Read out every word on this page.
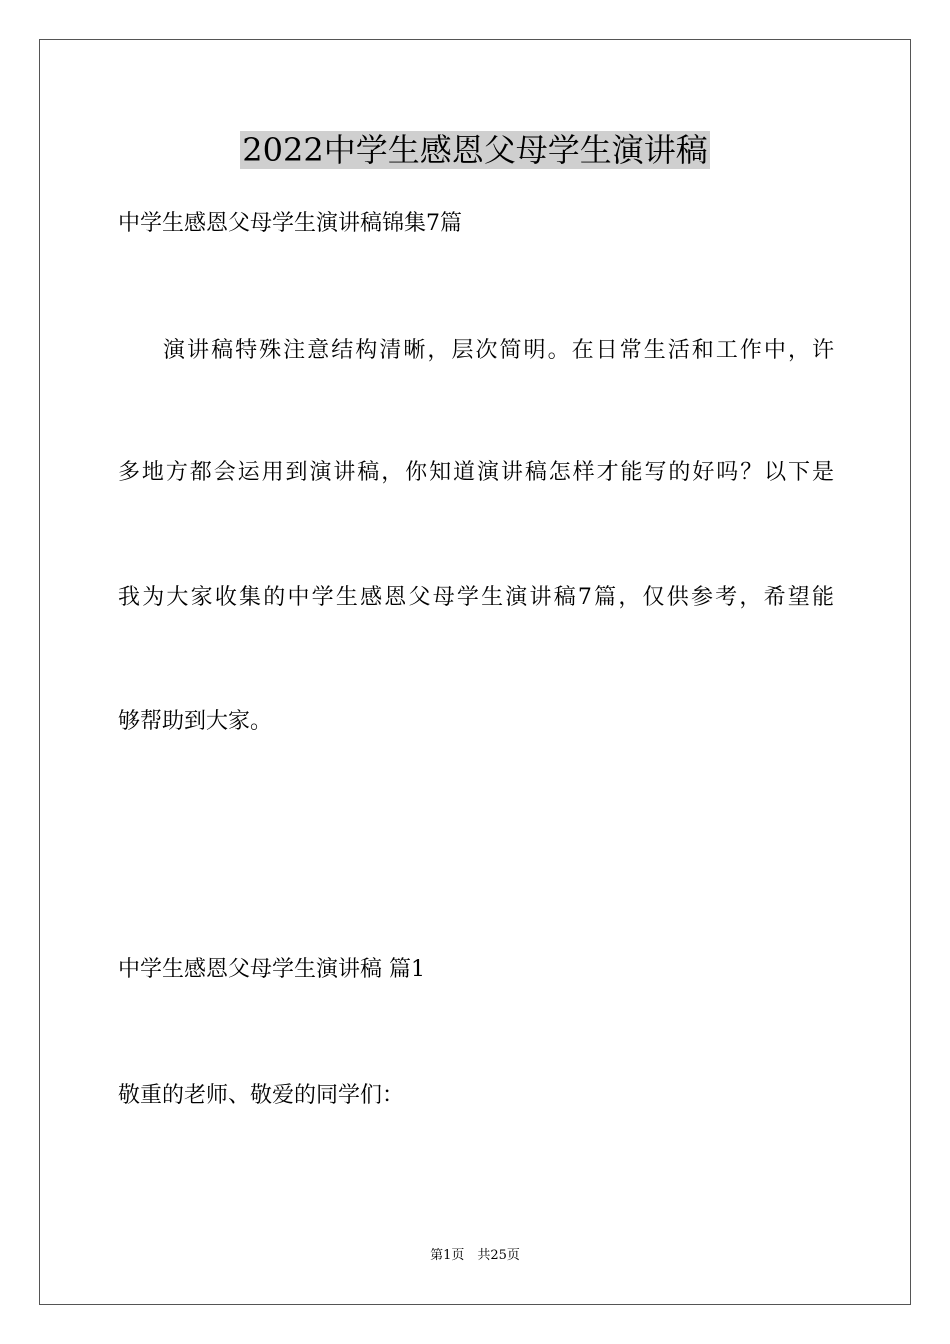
2022中学生感恩父母学生演讲稿
中学生感恩父母学生演讲稿锦集7篇
演讲稿特殊注意结构清晰，层次简明。在日常生活和工作中，许
多地方都会运用到演讲稿，你知道演讲稿怎样才能写的好吗？以下是
我为大家收集的中学生感恩父母学生演讲稿7篇，仅供参考，希望能
够帮助到大家。
中学生感恩父母学生演讲稿 篇1
敬重的老师、敬爱的同学们：
第1页　共25页
